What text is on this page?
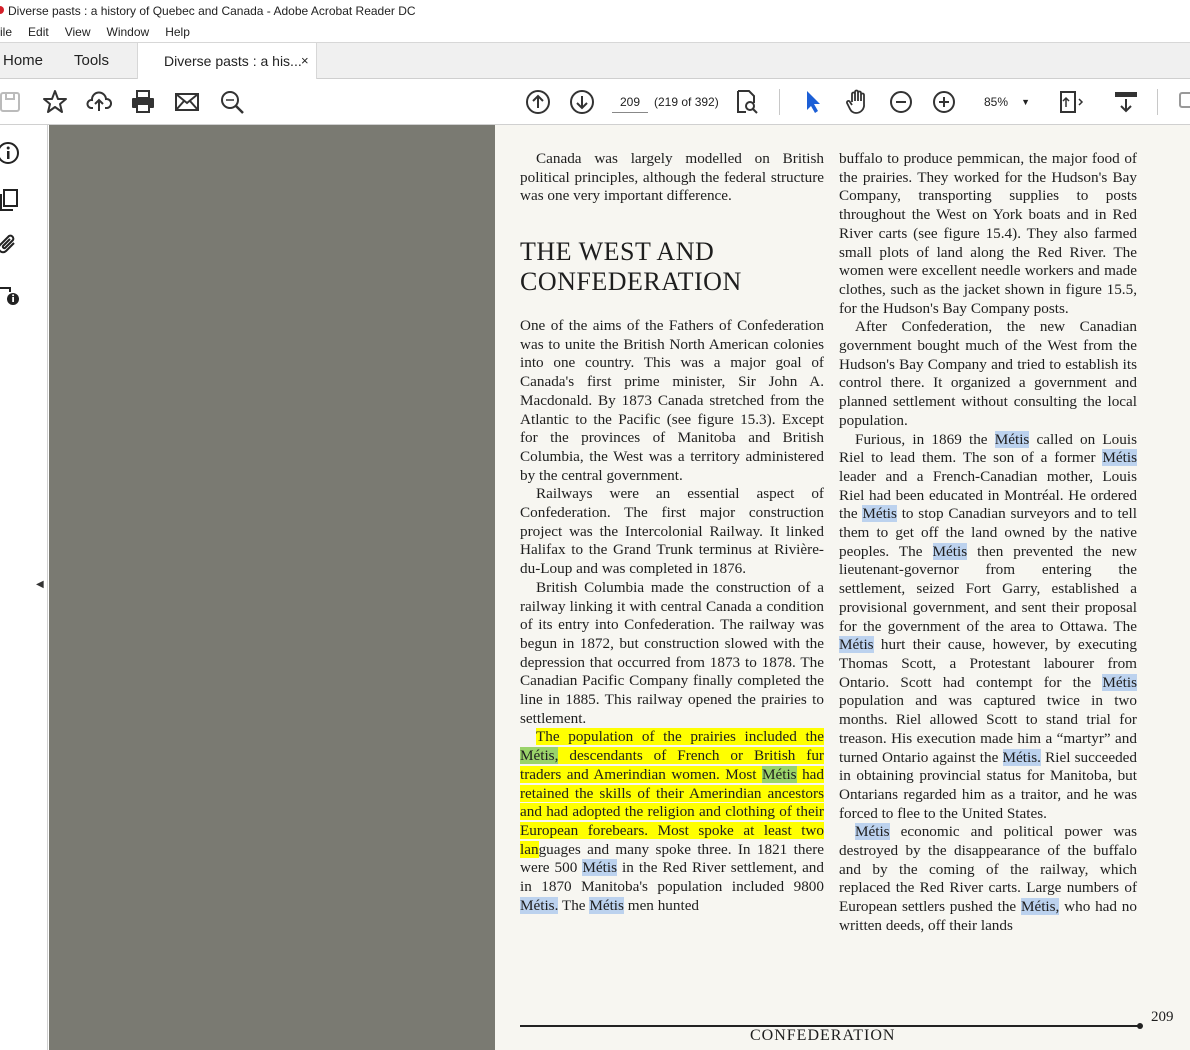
Diverse pasts : a history of Quebec and Canada - Adobe Acrobat Reader DC
ile	Edit	View	Window	Help
Home Tools	Diverse pasts : a his... ×
209	(219 of 392)	85% ▼
◀

Canada was largely modelled on British political principles, although the federal structure was one very important difference.

THE WEST AND
CONFEDERATION

One of the aims of the Fathers of Confederation was to unite the British North American colonies into one country. This was a major goal of Canada's first prime minister, Sir John A. Macdonald. By 1873 Canada stretched from the Atlantic to the Pacific (see figure 15.3). Except for the provinces of Manitoba and British Columbia, the West was a territory administered by the central government.

Railways were an essential aspect of Confederation. The first major construction project was the Intercolonial Railway. It linked Halifax to the Grand Trunk terminus at Rivière-du-Loup and was completed in 1876.

British Columbia made the construction of a railway linking it with central Canada a condition of its entry into Confederation. The railway was begun in 1872, but construction slowed with the depression that occurred from 1873 to 1878. The Canadian Pacific Company finally completed the line in 1885. This railway opened the prairies to settlement.

The population of the prairies included the Métis, descendants of French or British fur traders and Amerindian women. Most Métis had retained the skills of their Amerindian ancestors and had adopted the religion and clothing of their European forebears. Most spoke at least two languages and many spoke three. In 1821 there were 500 Métis in the Red River settlement, and in 1870 Manitoba's population included 9800 Métis. The Métis men hunted

buffalo to produce pemmican, the major food of the prairies. They worked for the Hudson's Bay Company, transporting supplies to posts throughout the West on York boats and in Red River carts (see figure 15.4). They also farmed small plots of land along the Red River. The women were excellent needle workers and made clothes, such as the jacket shown in figure 15.5, for the Hudson's Bay Company posts.

After Confederation, the new Canadian government bought much of the West from the Hudson's Bay Company and tried to establish its control there. It organized a government and planned settlement without consulting the local population.

Furious, in 1869 the Métis called on Louis Riel to lead them. The son of a former Métis leader and a French-Canadian mother, Louis Riel had been educated in Montréal. He ordered the Métis to stop Canadian surveyors and to tell them to get off the land owned by the native peoples. The Métis then prevented the new lieutenant-governor from entering the settlement, seized Fort Garry, established a provisional government, and sent their proposal for the government of the area to Ottawa. The Métis hurt their cause, however, by executing Thomas Scott, a Protestant labourer from Ontario. Scott had contempt for the Métis population and was captured twice in two months. Riel allowed Scott to stand trial for treason. His execution made him a “martyr” and turned Ontario against the Métis. Riel succeeded in obtaining provincial status for Manitoba, but Ontarians regarded him as a traitor, and he was forced to flee to the United States.

Métis economic and political power was destroyed by the disappearance of the buffalo and by the coming of the railway, which replaced the Red River carts. Large numbers of European settlers pushed the Métis, who had no written deeds, off their lands

209
CONFEDERATION
